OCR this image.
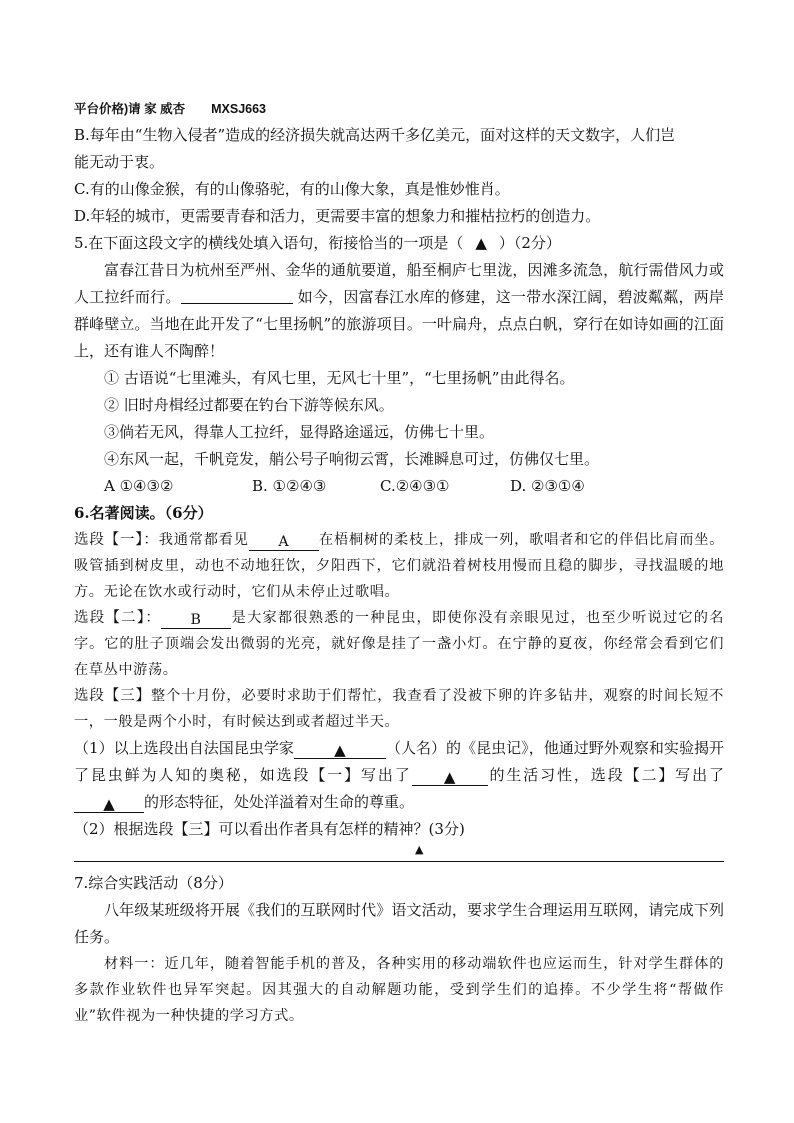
平台价格)请 家 威杏 MXSJ663

B.每年由“生物入侵者”造成的经济损失就高达两千多亿美元，面对这样的天文数字，人们岂

能无动于衷。

C.有的山像金猴，有的山像骆驼，有的山像大象，真是惟妙惟肖。

D.年轻的城市，更需要青春和活力，更需要丰富的想象力和摧枯拉朽的创造力。

5.在下面这段文字的横线处填入语句，衔接恰当的一项是（ ▲ ）（2分）

富春江昔日为杭州至严州、金华的通航要道，船至桐庐七里泷，因滩多流急，航行需借风力或人工拉纤而行。	如今，因富春江水库的修建，这一带水深江阔，碧波粼粼，两岸群峰壁立。当地在此开发了“七里扬帆”的旅游项目。一叶扁舟，点点白帆，穿行在如诗如画的江面上，还有谁人不陶醉！

① 古语说“七里滩头，有风七里，无风七十里”，“七里扬帆”由此得名。

② 旧时舟楫经过都要在钓台下游等候东风。

③倘若无风，得靠人工拉纤，显得路途遥远，仿佛七十里。

④东风一起，千帆竞发，艄公号子响彻云霄，长滩瞬息可过，仿佛仅七里。

A ①④③②	B. ①②④③	C.②④③①	D. ②③①④

6.名著阅读。（6分）

选段【一】：我通常都看见 A 在梧桐树的柔枝上，排成一列，歌唱者和它的伴侣比肩而坐。吸管插到树皮里，动也不动地狂饮，夕阳西下，它们就沿着树枝用慢而且稳的脚步，寻找温暖的地方。无论在饮水或行动时，它们从未停止过歌唱。

选段【二】： B 是大家都很熟悉的一种昆虫，即使你没有亲眼见过，也至少听说过它的名字。它的肚子顶端会发出微弱的光亮，就好像是挂了一盏小灯。在宁静的夏夜，你经常会看到它们在草丛中游荡。

选段【三】整个十月份，必要时求助于们帮忙，我查看了没被下卵的许多钻井，观察的时间长短不一，一般是两个小时，有时候达到或者超过半天。

（1）以上选段出自法国昆虫学家	▲	（人名）的《昆虫记》，他通过野外观察和实验揭开了昆虫鲜为人知的奥秘，如选段【一】写出了 ▲ 的生活习性，选段【二】写出了▲ 的形态特征，处处洋溢着对生命的尊重。

（2）根据选段【三】可以看出作者具有怎样的精神？(3分)

▲

7.综合实践活动（8分）

八年级某班级将开展《我们的互联网时代》语文活动，要求学生合理运用互联网，请完成下列任务。

材料一：近几年，随着智能手机的普及，各种实用的移动端软件也应运而生，针对学生群体的多款作业软件也异军突起。因其强大的自动解题功能，受到学生们的追捧。不少学生将“帮做作业”软件视为一种快捷的学习方式。
